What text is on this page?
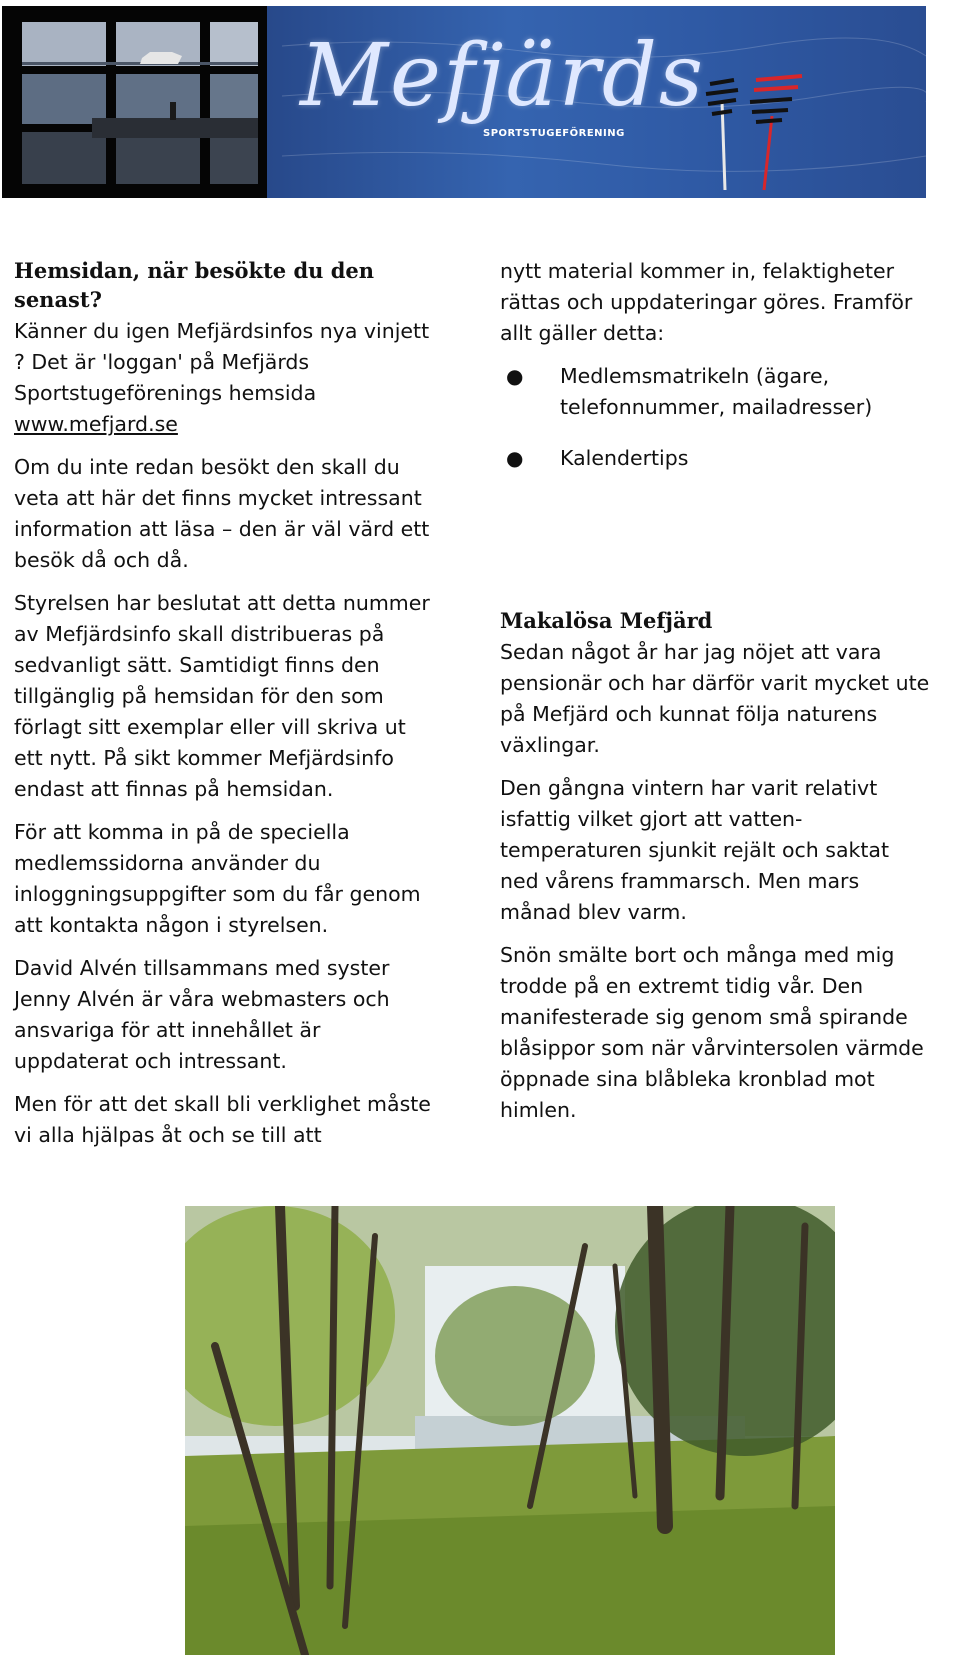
Mefjärds
SPORTSTUGEFÖRENING
Hemsidan, när besökte du den senast?

Känner du igen Mefjärdsinfos nya vinjett ? Det är 'loggan' på Mefjärds Sportstugeförenings hemsida
www.mefjard.se

Om du inte redan besökt den skall du veta att här det finns mycket intressant information att läsa – den är väl värd ett besök då och då.

Styrelsen har beslutat att detta nummer av Mefjärdsinfo skall distribueras på sedvanligt sätt. Samtidigt finns den tillgänglig på hemsidan för den som förlagt sitt exemplar eller vill skriva ut ett nytt. På sikt kommer Mefjärdsinfo endast att finnas på hemsidan.

För att komma in på de speciella medlemssidorna använder du inloggningsuppgifter som du får genom att kontakta någon i styrelsen.

David Alvén tillsammans med syster Jenny Alvén är våra webmasters och ansvariga för att innehållet är uppdaterat och intressant.

Men för att det skall bli verklighet måste vi alla hjälpas åt och se till att

nytt material kommer in, felaktigheter rättas och uppdateringar göres. Framför allt gäller detta:

● Medlemsmatrikeln (ägare, telefonnummer, mailadresser)
● Kalendertips
Makalösa Mefjärd

Sedan något år har jag nöjet att vara pensionär och har därför varit mycket ute på Mefjärd och kunnat följa naturens växlingar.

Den gångna vintern har varit relativt isfattig vilket gjort att vatten-temperaturen sjunkit rejält och saktat ned vårens frammarsch. Men mars månad blev varm.

Snön smälte bort och många med mig trodde på en extremt tidig vår. Den manifesterade sig genom små spirande blåsippor som när vårvintersolen värmde öppnade sina blåbleka kronblad mot himlen.
